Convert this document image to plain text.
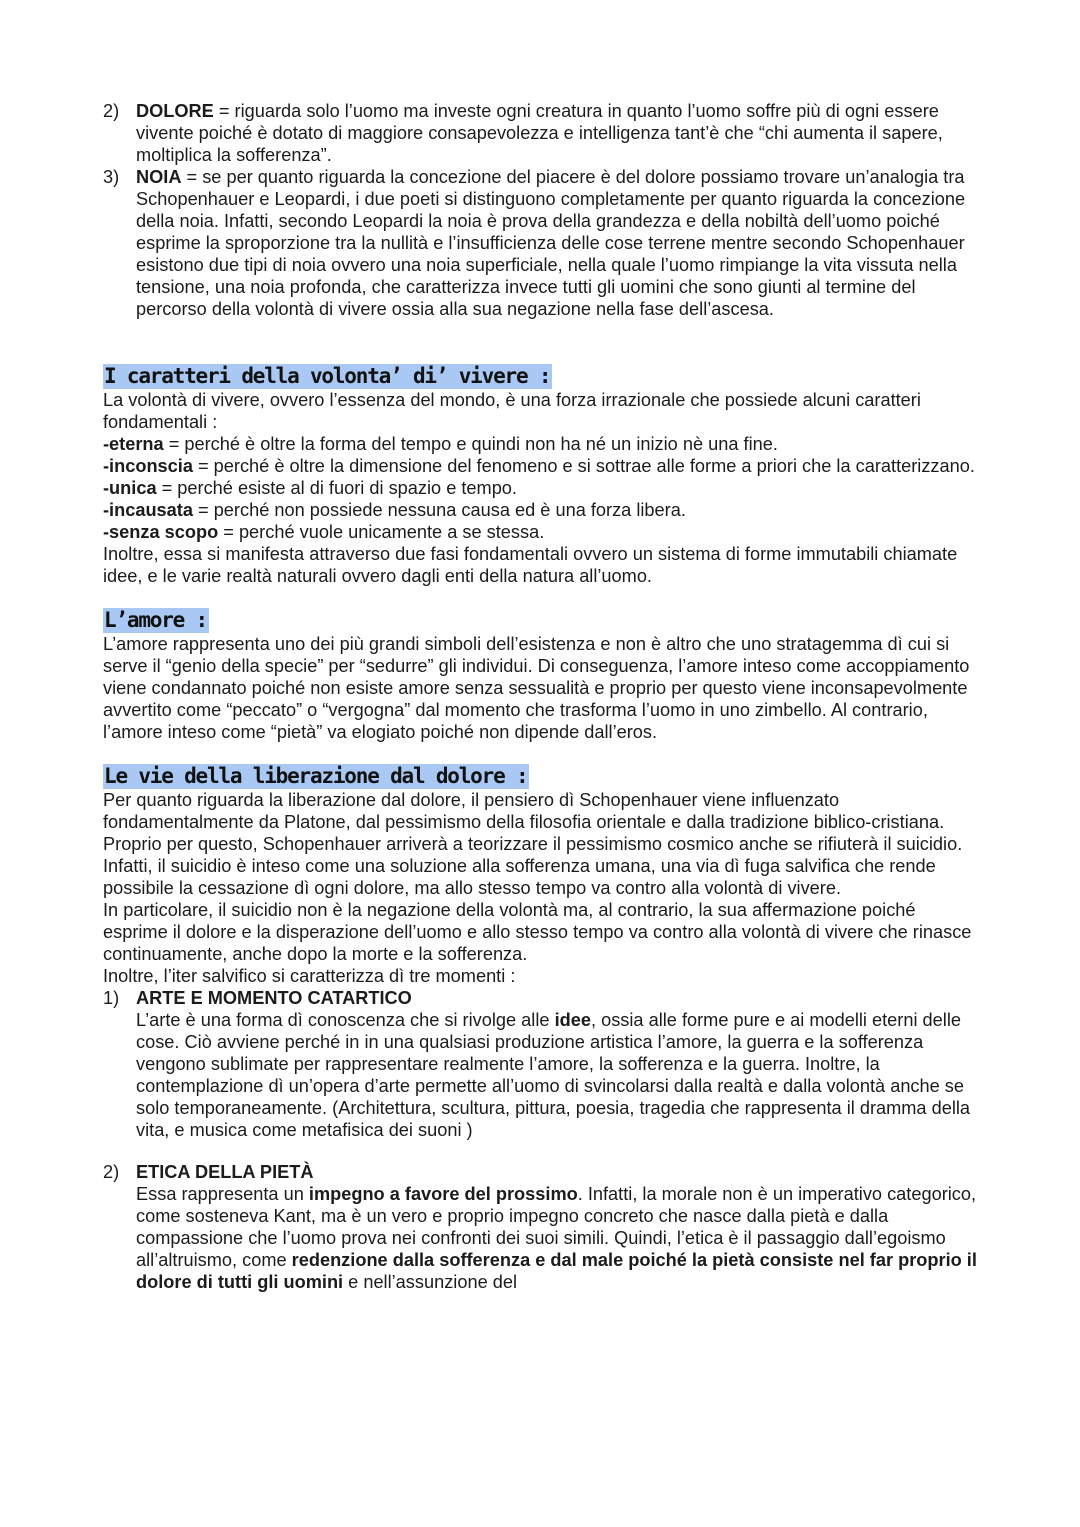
2) DOLORE = riguarda solo l’uomo ma investe ogni creatura in quanto l’uomo soffre più di ogni essere vivente poiché è dotato di maggiore consapevolezza e intelligenza tant’è che “chi aumenta il sapere, moltiplica la sofferenza”.

3) NOIA = se per quanto riguarda la concezione del piacere è del dolore possiamo trovare un’analogia tra Schopenhauer e Leopardi, i due poeti si distinguono completamente per quanto riguarda la concezione della noia. Infatti, secondo Leopardi la noia è prova della grandezza e della nobiltà dell’uomo poiché esprime la sproporzione tra la nullità e l’insufficienza delle cose terrene mentre secondo Schopenhauer esistono due tipi di noia ovvero una noia superficiale, nella quale l’uomo rimpiange la vita vissuta nella tensione, una noia profonda, che caratterizza invece tutti gli uomini che sono giunti al termine del percorso della volontà di vivere ossia alla sua negazione nella fase dell’ascesa.

I caratteri della volonta’ di’ vivere :

La volontà di vivere, ovvero l’essenza del mondo, è una forza irrazionale che possiede alcuni caratteri fondamentali :

-eterna = perché è oltre la forma del tempo e quindi non ha né un inizio nè una fine.

-inconscia = perché è oltre la dimensione del fenomeno e si sottrae alle forme a priori che la caratterizzano.

-unica = perché esiste al di fuori di spazio e tempo.

-incausata = perché non possiede nessuna causa ed è una forza libera.

-senza scopo = perché vuole unicamente a se stessa.

Inoltre, essa si manifesta attraverso due fasi fondamentali ovvero un sistema di forme immutabili chiamate idee, e le varie realtà naturali ovvero dagli enti della natura all’uomo.

L’amore :

L’amore rappresenta uno dei più grandi simboli dell’esistenza e non è altro che uno stratagemma dì cui si serve il “genio della specie” per “sedurre” gli individui. Di conseguenza, l’amore inteso come accoppiamento viene condannato poiché non esiste amore senza sessualità e proprio per questo viene inconsapevolmente avvertito come “peccato” o “vergogna” dal momento che trasforma l’uomo in uno zimbello. Al contrario, l’amore inteso come “pietà” va elogiato poiché non dipende dall’eros.

Le vie della liberazione dal dolore :

Per quanto riguarda la liberazione dal dolore, il pensiero dì Schopenhauer viene influenzato fondamentalmente da Platone, dal pessimismo della filosofia orientale e dalla tradizione biblico-cristiana. Proprio per questo, Schopenhauer arriverà a teorizzare il pessimismo cosmico anche se rifiuterà il suicidio. Infatti, il suicidio è inteso come una soluzione alla sofferenza umana, una via dì fuga salvifica che rende possibile la cessazione dì ogni dolore, ma allo stesso tempo va contro alla volontà di vivere.

In particolare, il suicidio non è la negazione della volontà ma, al contrario, la sua affermazione poiché esprime il dolore e la disperazione dell’uomo e allo stesso tempo va contro alla volontà di vivere che rinasce continuamente, anche dopo la morte e la sofferenza.

Inoltre, l’iter salvifico si caratterizza dì tre momenti :

1) ARTE E MOMENTO CATARTICO

L’arte è una forma dì conoscenza che si rivolge alle idee, ossia alle forme pure e ai modelli eterni delle cose. Ciò avviene perché in in una qualsiasi produzione artistica l’amore, la guerra e la sofferenza vengono sublimate per rappresentare realmente l’amore, la sofferenza e la guerra. Inoltre, la contemplazione dì un’opera d’arte permette all’uomo di svincolarsi dalla realtà e dalla volontà anche se solo temporaneamente. (Architettura, scultura, pittura, poesia, tragedia che rappresenta il dramma della vita, e musica come metafisica dei suoni )

2) ETICA DELLA PIETÀ

Essa rappresenta un impegno a favore del prossimo. Infatti, la morale non è un imperativo categorico, come sosteneva Kant, ma è un vero e proprio impegno concreto che nasce dalla pietà e dalla compassione che l’uomo prova nei confronti dei suoi simili. Quindi, l’etica è il passaggio dall’egoismo all’altruismo, come redenzione dalla sofferenza e dal male poiché la pietà consiste nel far proprio il dolore di tutti gli uomini e nell’assunzione del
